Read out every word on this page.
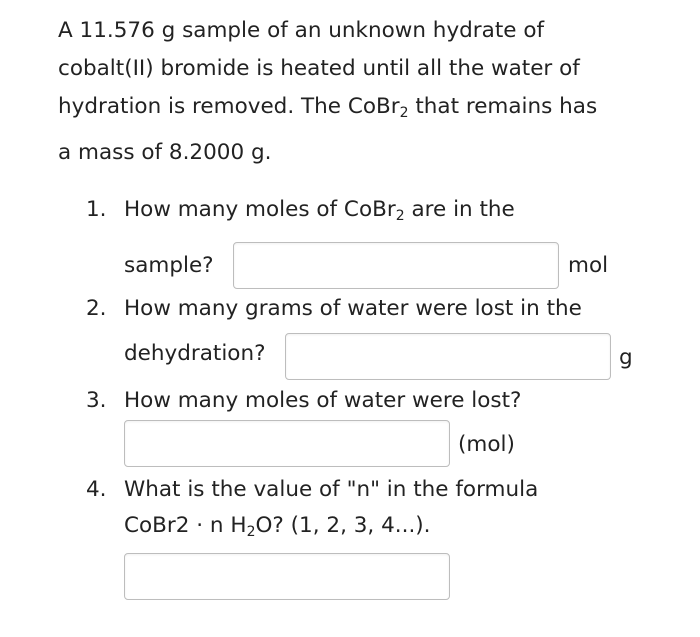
A 11.576 g sample of an unknown hydrate of
cobalt(II) bromide is heated until all the water of
hydration is removed. The CoBr$_2$ that remains has
a mass of 8.2000 g.
1. How many moles of CoBr$_2$ are in the
sample?	mol
2. How many grams of water were lost in the
dehydration?	g
3. How many moles of water were lost?
(mol)
4. What is the value of "n" in the formula
CoBr2 · n $H_2O$? (1, 2, 3, 4...).
